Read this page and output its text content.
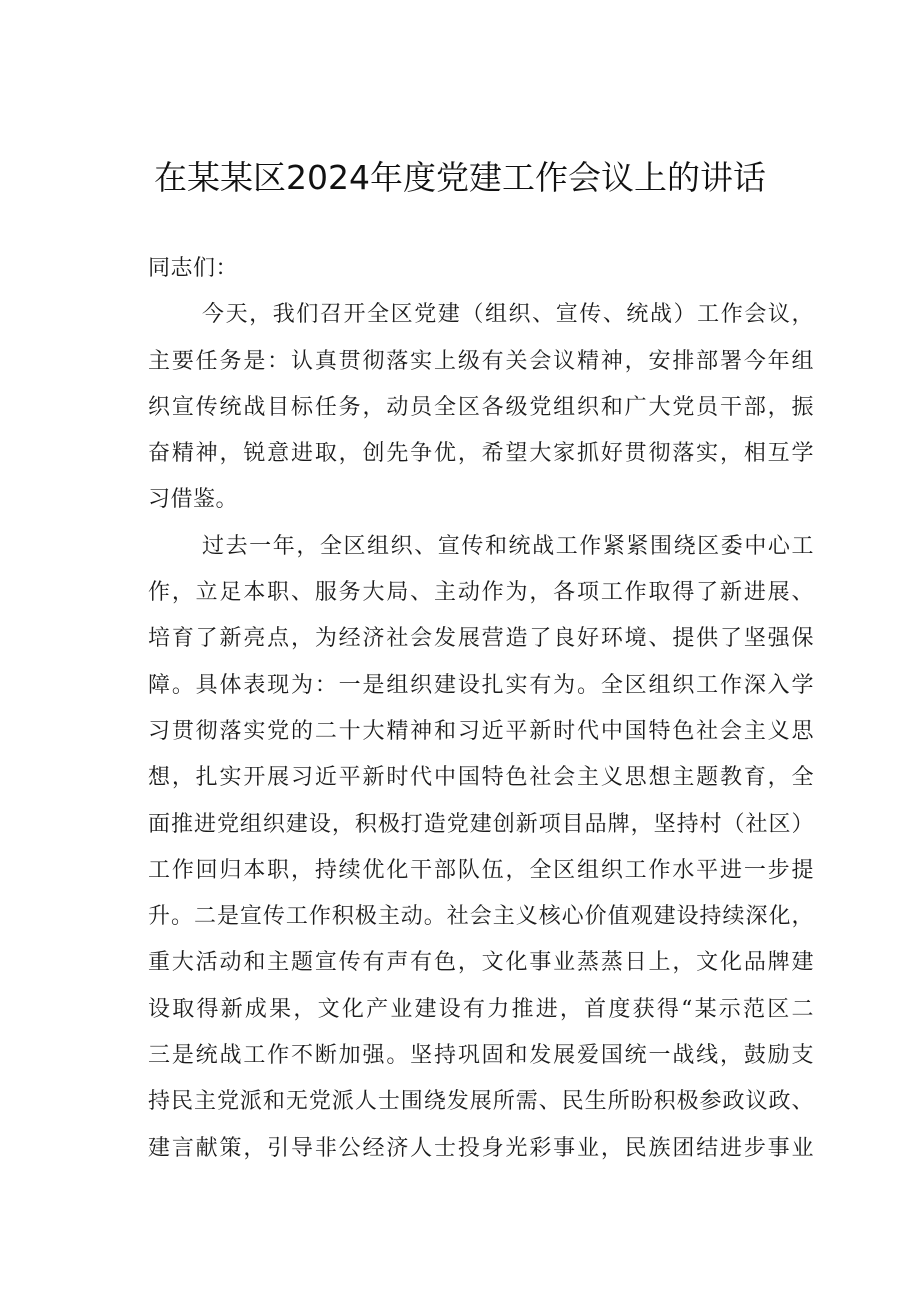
在某某区2024年度党建工作会议上的讲话
同志们：
今天，我们召开全区党建（组织、宣传、统战）工作会议，
主要任务是：认真贯彻落实上级有关会议精神，安排部署今年组
织宣传统战目标任务，动员全区各级党组织和广大党员干部，振
奋精神，锐意进取，创先争优，希望大家抓好贯彻落实，相互学
习借鉴。
过去一年，全区组织、宣传和统战工作紧紧围绕区委中心工
作，立足本职、服务大局、主动作为，各项工作取得了新进展、
培育了新亮点，为经济社会发展营造了良好环境、提供了坚强保
障。具体表现为：一是组织建设扎实有为。全区组织工作深入学
习贯彻落实党的二十大精神和习近平新时代中国特色社会主义思
想，扎实开展习近平新时代中国特色社会主义思想主题教育，全
面推进党组织建设，积极打造党建创新项目品牌，坚持村（社区）
工作回归本职，持续优化干部队伍，全区组织工作水平进一步提
升。二是宣传工作积极主动。社会主义核心价值观建设持续深化，
重大活动和主题宣传有声有色，文化事业蒸蒸日上，文化品牌建
设取得新成果，文化产业建设有力推进，首度获得“某示范区二
三是统战工作不断加强。坚持巩固和发展爱国统一战线，鼓励支
持民主党派和无党派人士围绕发展所需、民生所盼积极参政议政、
建言献策，引导非公经济人士投身光彩事业，民族团结进步事业
